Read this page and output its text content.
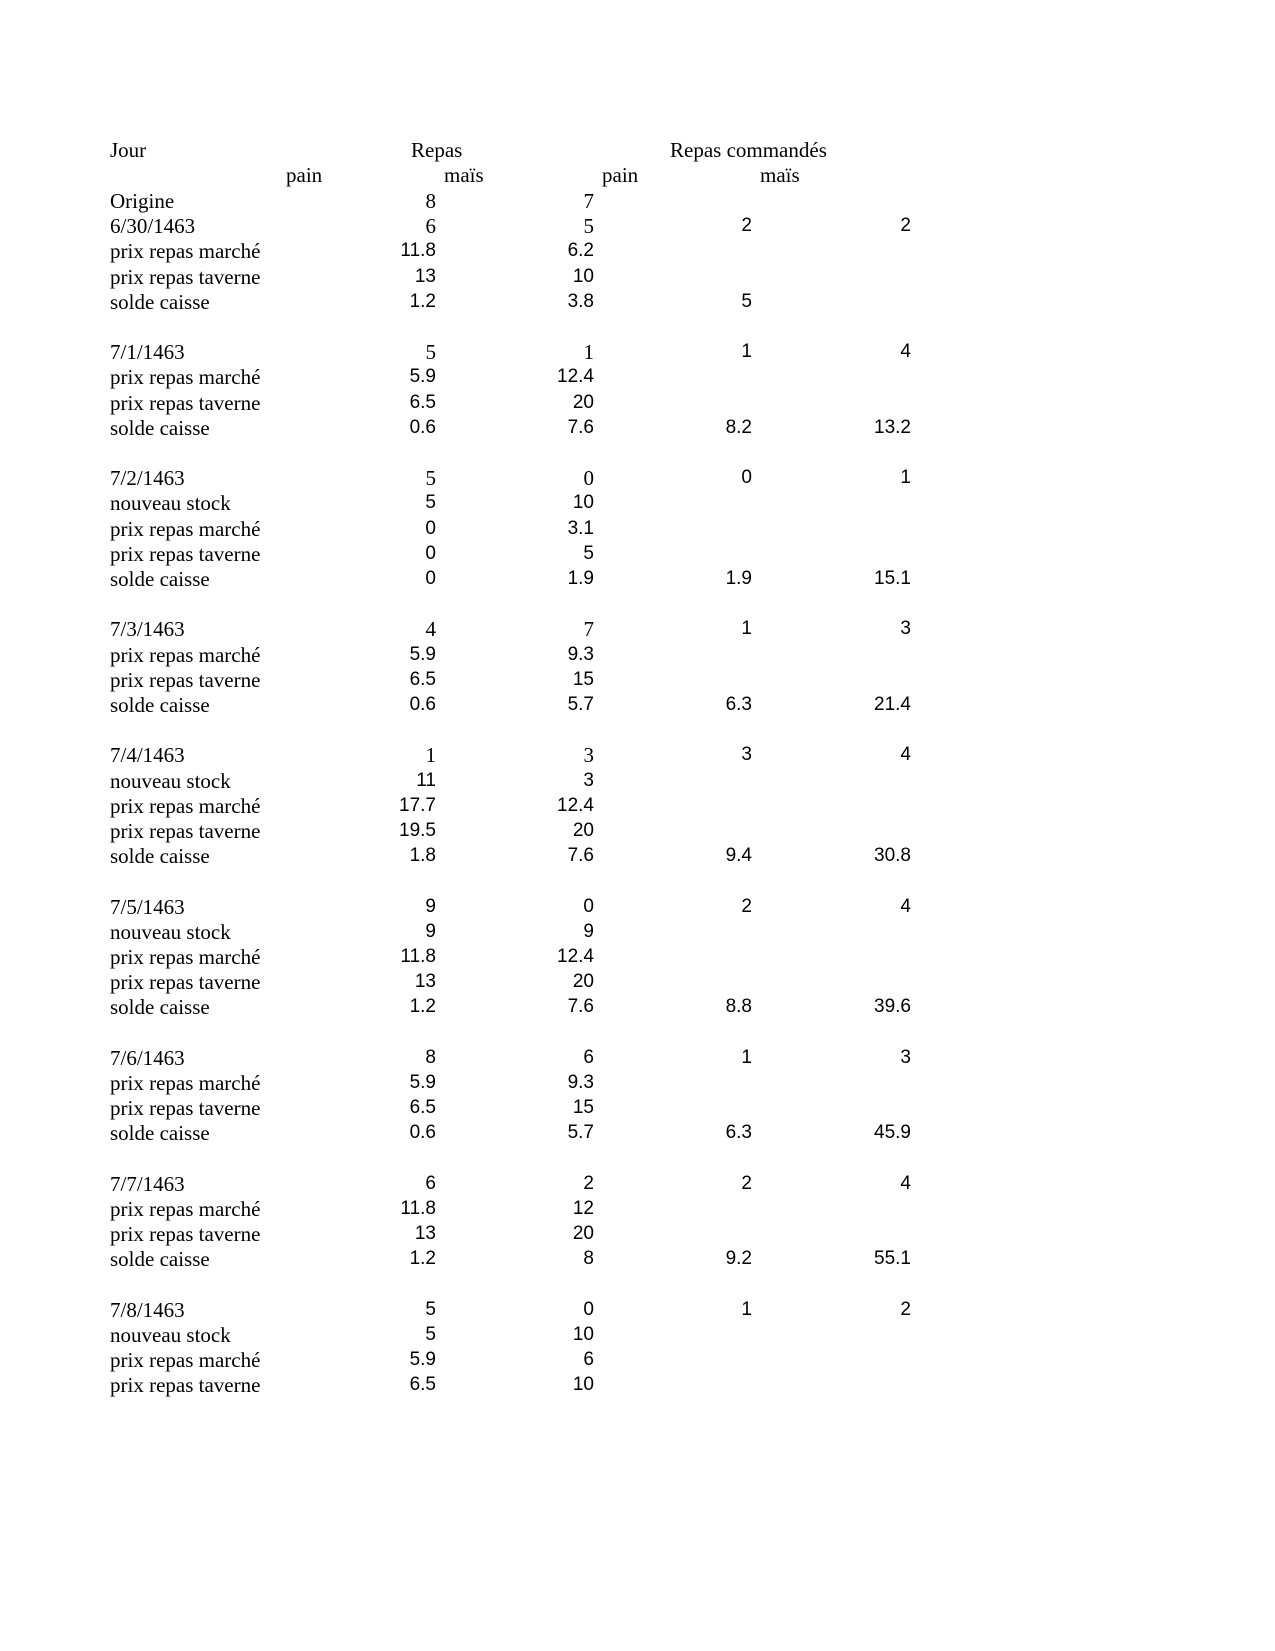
Jour	Repas	Repas commandés
pain	maïs	pain	maïs
Origine	8	7
6/30/1463	6	5	2	2
prix repas marché	11.8	6.2
prix repas taverne	13	10
solde caisse	1.2	3.8	5
7/1/1463	5	1	1	4
prix repas marché	5.9	12.4
prix repas taverne	6.5	20
solde caisse	0.6	7.6	8.2	13.2
7/2/1463	5	0	0	1
nouveau stock	5	10
prix repas marché	0	3.1
prix repas taverne	0	5
solde caisse	0	1.9	1.9	15.1
7/3/1463	4	7	1	3
prix repas marché	5.9	9.3
prix repas taverne	6.5	15
solde caisse	0.6	5.7	6.3	21.4
7/4/1463	1	3	3	4
nouveau stock	11	3
prix repas marché	17.7	12.4
prix repas taverne	19.5	20
solde caisse	1.8	7.6	9.4	30.8
7/5/1463	9	0	2	4
nouveau stock	9	9
prix repas marché	11.8	12.4
prix repas taverne	13	20
solde caisse	1.2	7.6	8.8	39.6
7/6/1463	8	6	1	3
prix repas marché	5.9	9.3
prix repas taverne	6.5	15
solde caisse	0.6	5.7	6.3	45.9
7/7/1463	6	2	2	4
prix repas marché	11.8	12
prix repas taverne	13	20
solde caisse	1.2	8	9.2	55.1
7/8/1463	5	0	1	2
nouveau stock	5	10
prix repas marché	5.9	6
prix repas taverne	6.5	10
